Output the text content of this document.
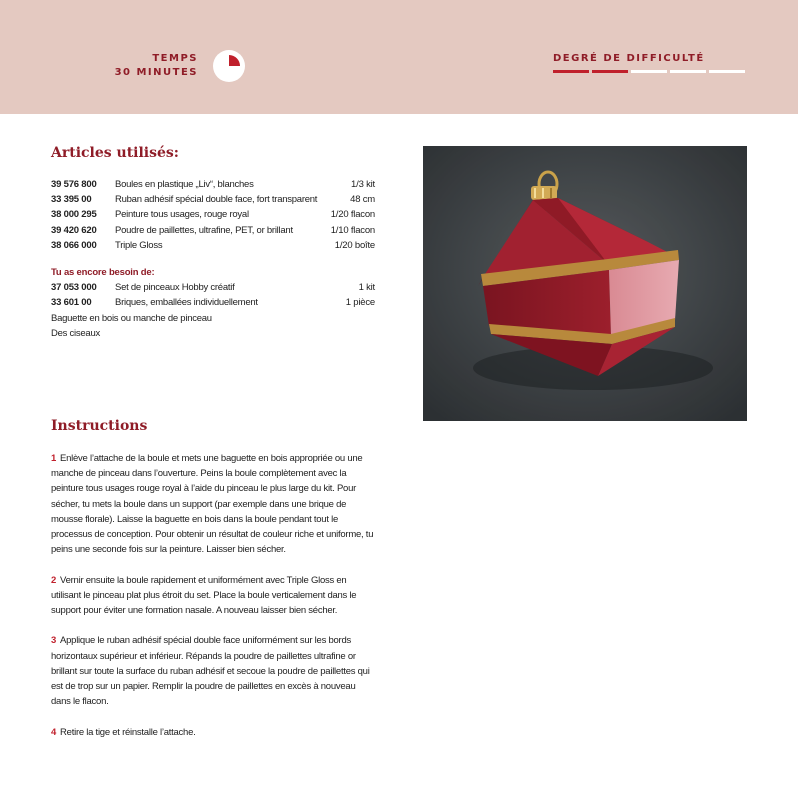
TEMPS
30 MINUTES
DEGRÉ DE DIFFICULTÉ
Articles utilisés:
39 576 800	Boules en plastique „Liv“, blanches	1/3 kit
33 395 00	Ruban adhésif spécial double face, fort transparent	48 cm
38 000 295	Peinture tous usages, rouge royal	1/20 flacon
39 420 620	Poudre de paillettes, ultrafine, PET, or brillant	1/10 flacon
38 066 000	Triple Gloss	1/20 boîte
Tu as encore besoin de:
37 053 000	Set de pinceaux Hobby créatif	1 kit
33 601 00	Briques, emballées individuellement	1 pièce
Baguette en bois ou manche de pinceau
Des ciseaux
Instructions

1 Enlève l’attache de la boule et mets une baguette en bois appropriée ou une manche de pinceau dans l’ouverture. Peins la boule complètement avec la peinture tous usages rouge royal à l’aide du pinceau le plus large du kit. Pour sécher, tu mets la boule dans un support (par exemple dans une brique de mousse florale). Laisse la baguette en bois dans la boule pendant tout le processus de conception. Pour obtenir un résultat de couleur riche et uniforme, tu peins une seconde fois sur la peinture. Laisser bien sécher.

2 Vernir ensuite la boule rapidement et uniformément avec Triple Gloss en utilisant le pinceau plat plus étroit du set. Place la boule verticalement dans le support pour éviter une formation nasale. A nouveau laisser bien sécher.

3 Applique le ruban adhésif spécial double face uniformément sur les bords horizontaux supérieur et inférieur. Répands la poudre de paillettes ultrafine or brillant sur toute la surface du ruban adhésif et secoue la poudre de paillettes qui est de trop sur un papier. Remplir la poudre de paillettes en excès à nouveau dans le flacon.

4 Retire la tige et réinstalle l’attache.
